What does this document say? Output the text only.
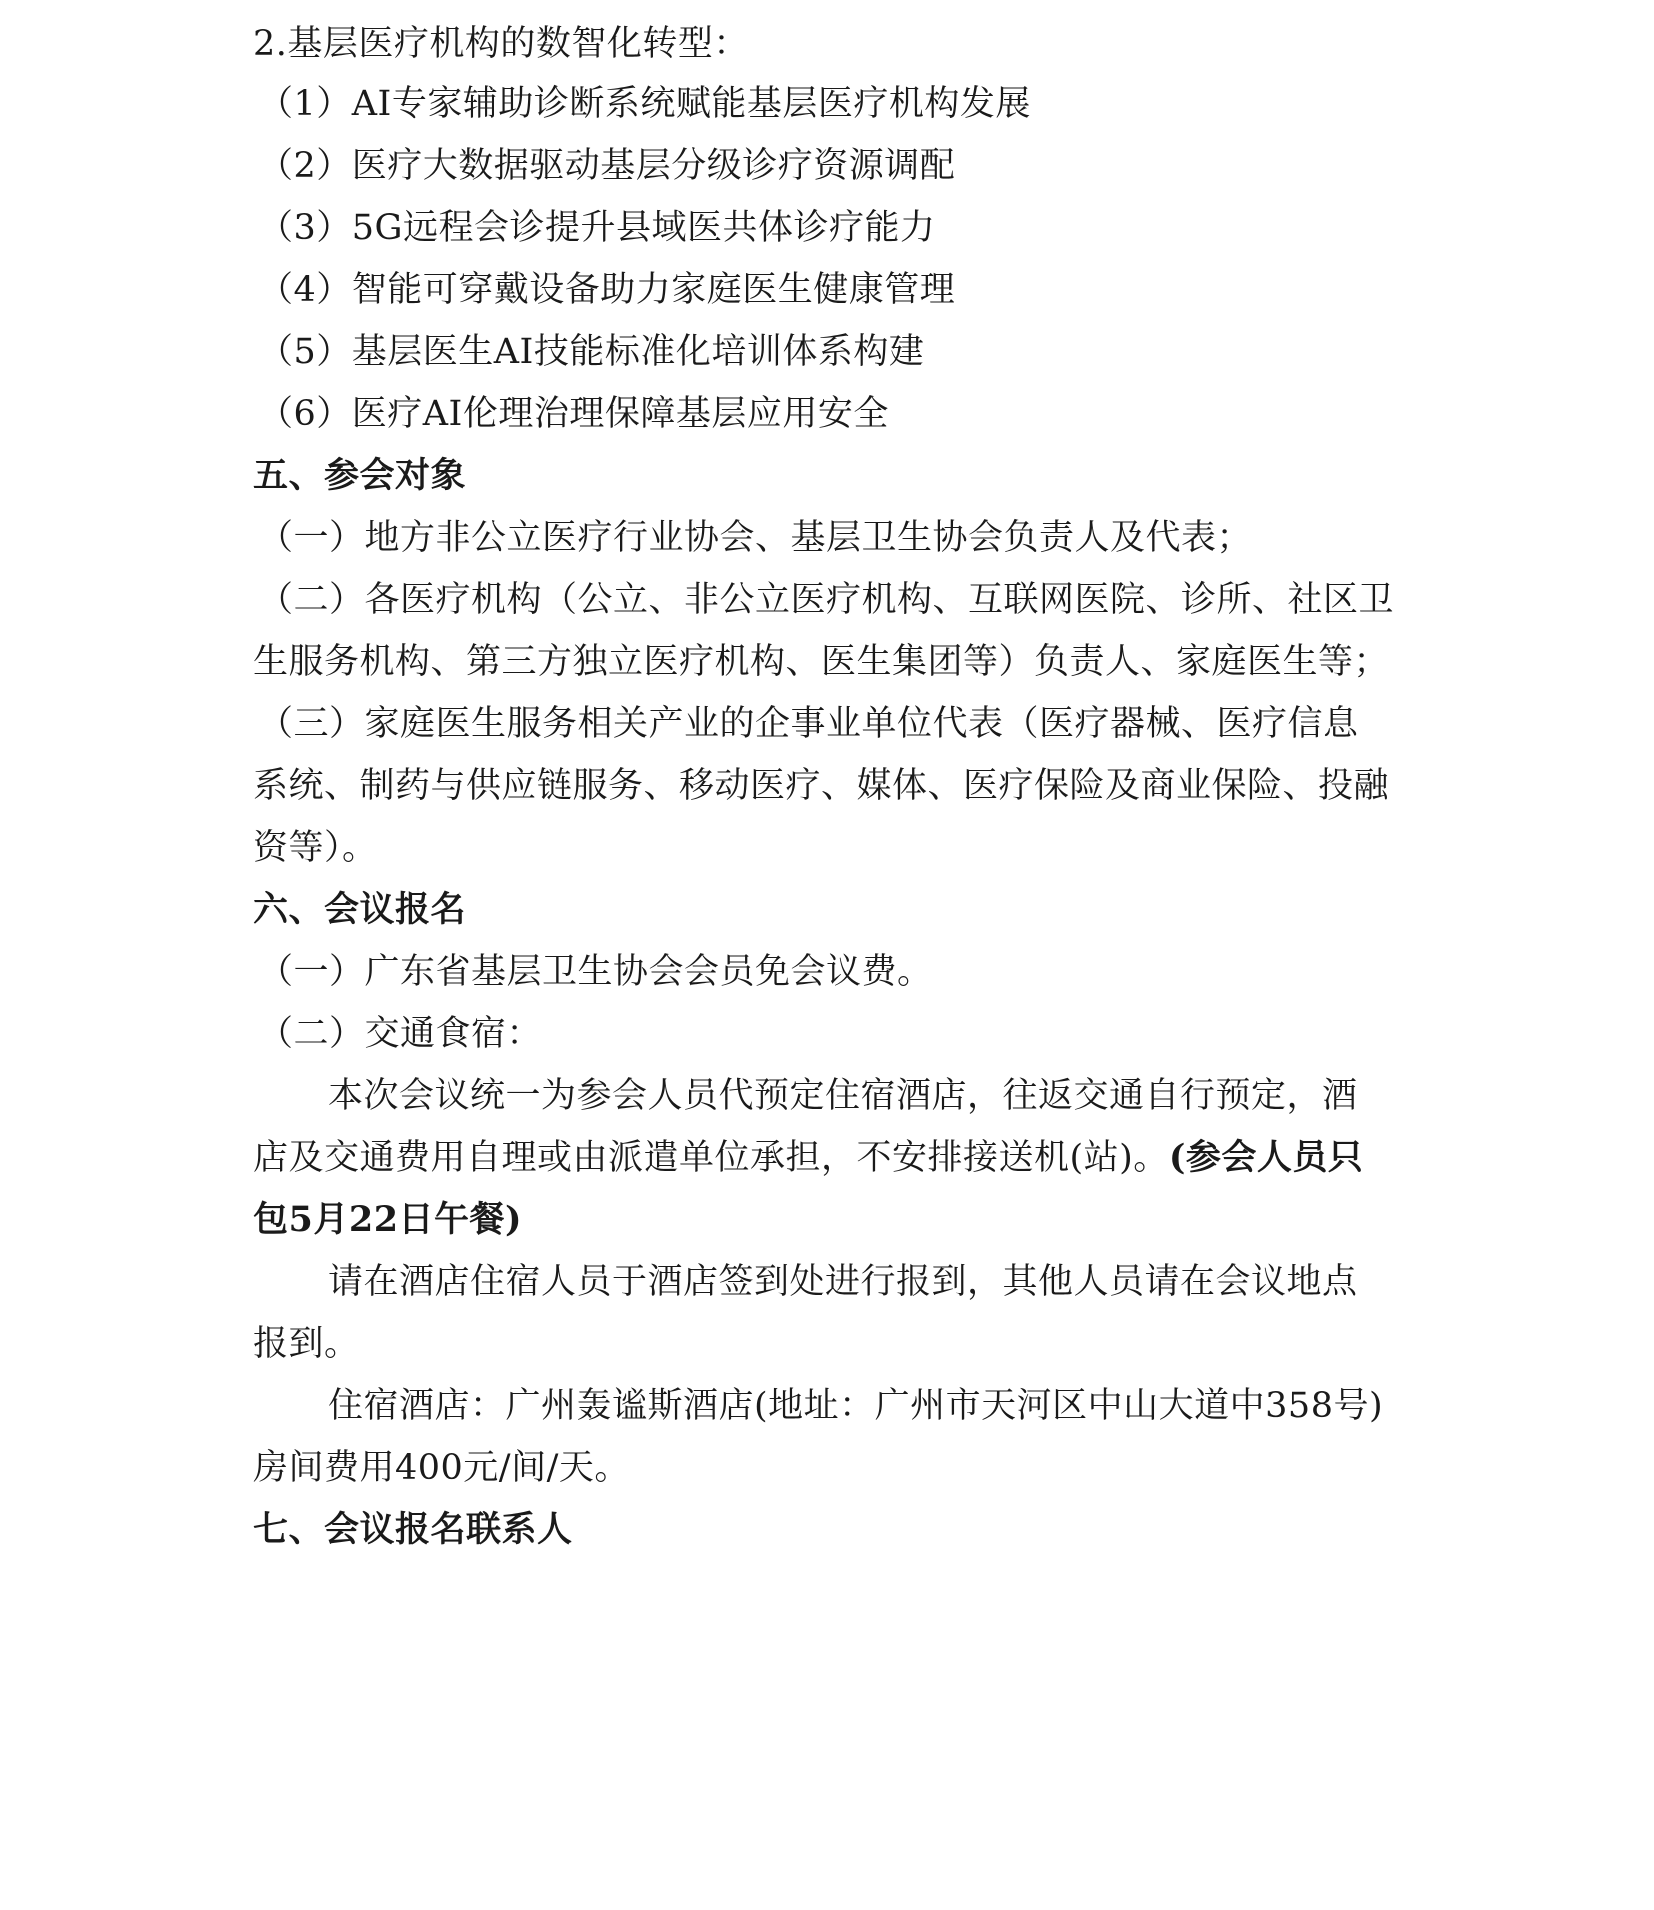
2.基层医疗机构的数智化转型：
（1）AI专家辅助诊断系统赋能基层医疗机构发展
（2）医疗大数据驱动基层分级诊疗资源调配
（3）5G远程会诊提升县域医共体诊疗能力
（4）智能可穿戴设备助力家庭医生健康管理
（5）基层医生AI技能标准化培训体系构建
（6）医疗AI伦理治理保障基层应用安全
五、参会对象
（一）地方非公立医疗行业协会、基层卫生协会负责人及代表；
（二）各医疗机构（公立、非公立医疗机构、互联网医院、诊所、社区卫
生服务机构、第三方独立医疗机构、医生集团等）负责人、家庭医生等；
（三）家庭医生服务相关产业的企事业单位代表（医疗器械、医疗信息
系统、制药与供应链服务、移动医疗、媒体、医疗保险及商业保险、投融
资等）。
六、会议报名
（一）广东省基层卫生协会会员免会议费。
（二）交通食宿：
本次会议统一为参会人员代预定住宿酒店，往返交通自行预定，酒
店及交通费用自理或由派遣单位承担，不安排接送机(站)。(参会人员只
包5月22日午餐)
请在酒店住宿人员于酒店签到处进行报到，其他人员请在会议地点
报到。
住宿酒店：广州轰谧斯酒店(地址：广州市天河区中山大道中358号)
房间费用400元/间/天。
七、会议报名联系人
